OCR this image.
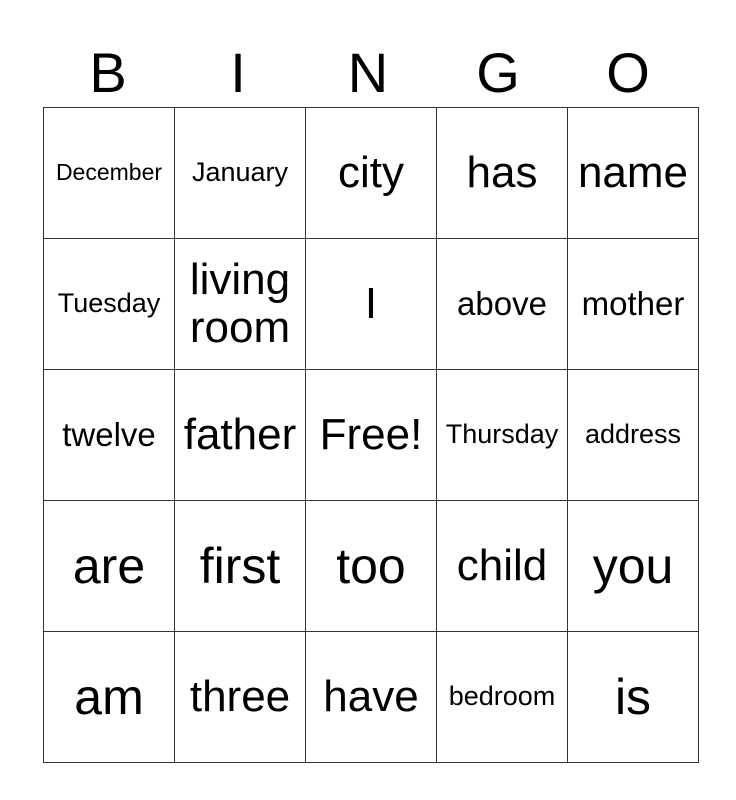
B	I	N	G	O
December	January	city	has	name
Tuesday	living room	I	above	mother
twelve	father	Free!	Thursday	address
are	first	too	child	you
am	three	have	bedroom	is
